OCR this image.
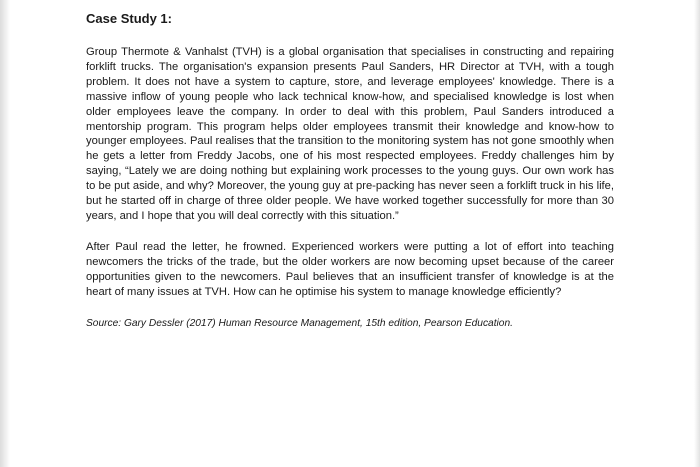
Case Study 1:

Group Thermote & Vanhalst (TVH) is a global organisation that specialises in constructing and repairing forklift trucks. The organisation's expansion presents Paul Sanders, HR Director at TVH, with a tough problem. It does not have a system to capture, store, and leverage employees' knowledge. There is a massive inflow of young people who lack technical know-how, and specialised knowledge is lost when older employees leave the company. In order to deal with this problem, Paul Sanders introduced a mentorship program. This program helps older employees transmit their knowledge and know-how to younger employees. Paul realises that the transition to the monitoring system has not gone smoothly when he gets a letter from Freddy Jacobs, one of his most respected employees. Freddy challenges him by saying, “Lately we are doing nothing but explaining work processes to the young guys. Our own work has to be put aside, and why? Moreover, the young guy at pre-packing has never seen a forklift truck in his life, but he started off in charge of three older people. We have worked together successfully for more than 30 years, and I hope that you will deal correctly with this situation.”

After Paul read the letter, he frowned. Experienced workers were putting a lot of effort into teaching newcomers the tricks of the trade, but the older workers are now becoming upset because of the career opportunities given to the newcomers. Paul believes that an insufficient transfer of knowledge is at the heart of many issues at TVH. How can he optimise his system to manage knowledge efficiently?

Source: Gary Dessler (2017) Human Resource Management, 15th edition, Pearson Education.
